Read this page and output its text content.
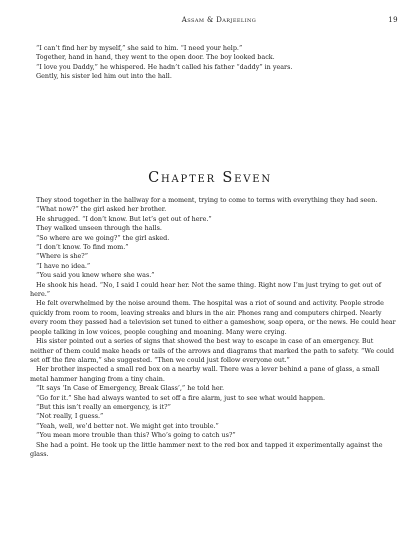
Assam & Darjeeling	19

“I can’t find her by myself,” she said to him. “I need your help.”

Together, hand in hand, they went to the open door. The boy looked back.

“I love you Daddy,” he whispered. He hadn’t called his father “daddy” in years.

Gently, his sister led him out into the hall.

Chapter Seven

They stood together in the hallway for a moment, trying to come to terms with everything they had seen.

“What now?” the girl asked her brother.

He shrugged. “I don’t know. But let’s get out of here.”

They walked unseen through the halls.

“So where are we going?” the girl asked.

“I don’t know. To find mom.”

“Where is she?”

“I have no idea.”

“You said you knew where she was.”

He shook his head. “No, I said I could hear her. Not the same thing. Right now I’m just trying to get out of here.”

He felt overwhelmed by the noise around them. The hospital was a riot of sound and activity. People strode quickly from room to room, leaving streaks and blurs in the air. Phones rang and computers chirped. Nearly every room they passed had a television set tuned to either a gameshow, soap opera, or the news. He could hear people talking in low voices, people coughing and moaning. Many were crying.

His sister pointed out a series of signs that showed the best way to escape in case of an emergency. But neither of them could make heads or tails of the arrows and diagrams that marked the path to safety. “We could set off the fire alarm,” she suggested. “Then we could just follow everyone out.”

Her brother inspected a small red box on a nearby wall. There was a lever behind a pane of glass, a small metal hammer hanging from a tiny chain.

“It says ‘In Case of Emergency, Break Glass’,” he told her.

“Go for it.” She had always wanted to set off a fire alarm, just to see what would happen.

“But this isn’t really an emergency, is it?”

“Not really, I guess.”

“Yeah, well, we’d better not. We might get into trouble.”

“You mean more trouble than this? Who’s going to catch us?”

She had a point. He took up the little hammer next to the red box and tapped it experimentally against the glass.
